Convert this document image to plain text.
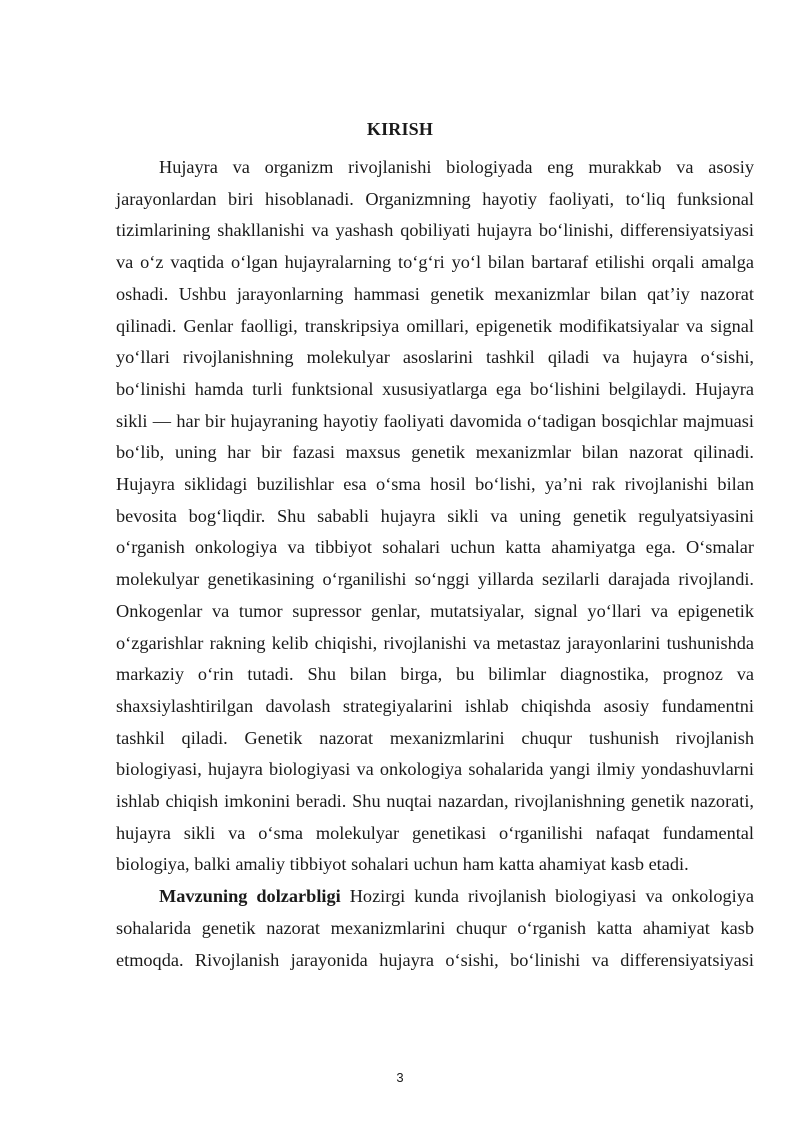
KIRISH

Hujayra va organizm rivojlanishi biologiyada eng murakkab va asosiy jarayonlardan biri hisoblanadi. Organizmning hayotiy faoliyati, to‘liq funksional tizimlarining shakllanishi va yashash qobiliyati hujayra bo‘linishi, differensiyatsiyasi va o‘z vaqtida o‘lgan hujayralarning to‘g‘ri yo‘l bilan bartaraf etilishi orqali amalga oshadi. Ushbu jarayonlarning hammasi genetik mexanizmlar bilan qat’iy nazorat qilinadi. Genlar faolligi, transkripsiya omillari, epigenetik modifikatsiyalar va signal yo‘llari rivojlanishning molekulyar asoslarini tashkil qiladi va hujayra o‘sishi, bo‘linishi hamda turli funktsional xususiyatlarga ega bo‘lishini belgilaydi. Hujayra sikli — har bir hujayraning hayotiy faoliyati davomida o‘tadigan bosqichlar majmuasi bo‘lib, uning har bir fazasi maxsus genetik mexanizmlar bilan nazorat qilinadi. Hujayra siklidagi buzilishlar esa o‘sma hosil bo‘lishi, ya’ni rak rivojlanishi bilan bevosita bog‘liqdir. Shu sababli hujayra sikli va uning genetik regulyatsiyasini o‘rganish onkologiya va tibbiyot sohalari uchun katta ahamiyatga ega. O‘smalar molekulyar genetikasining o‘rganilishi so‘nggi yillarda sezilarli darajada rivojlandi. Onkogenlar va tumor supressor genlar, mutatsiyalar, signal yo‘llari va epigenetik o‘zgarishlar rakning kelib chiqishi, rivojlanishi va metastaz jarayonlarini tushunishda markaziy o‘rin tutadi. Shu bilan birga, bu bilimlar diagnostika, prognoz va shaxsiylashtirilgan davolash strategiyalarini ishlab chiqishda asosiy fundamentni tashkil qiladi. Genetik nazorat mexanizmlarini chuqur tushunish rivojlanish biologiyasi, hujayra biologiyasi va onkologiya sohalarida yangi ilmiy yondashuvlarni ishlab chiqish imkonini beradi. Shu nuqtai nazardan, rivojlanishning genetik nazorati, hujayra sikli va o‘sma molekulyar genetikasi o‘rganilishi nafaqat fundamental biologiya, balki amaliy tibbiyot sohalari uchun ham katta ahamiyat kasb etadi.

Mavzuning dolzarbligi Hozirgi kunda rivojlanish biologiyasi va onkologiya sohalarida genetik nazorat mexanizmlarini chuqur o‘rganish katta ahamiyat kasb etmoqda. Rivojlanish jarayonida hujayra o‘sishi, bo‘linishi va differensiyatsiyasi

3
